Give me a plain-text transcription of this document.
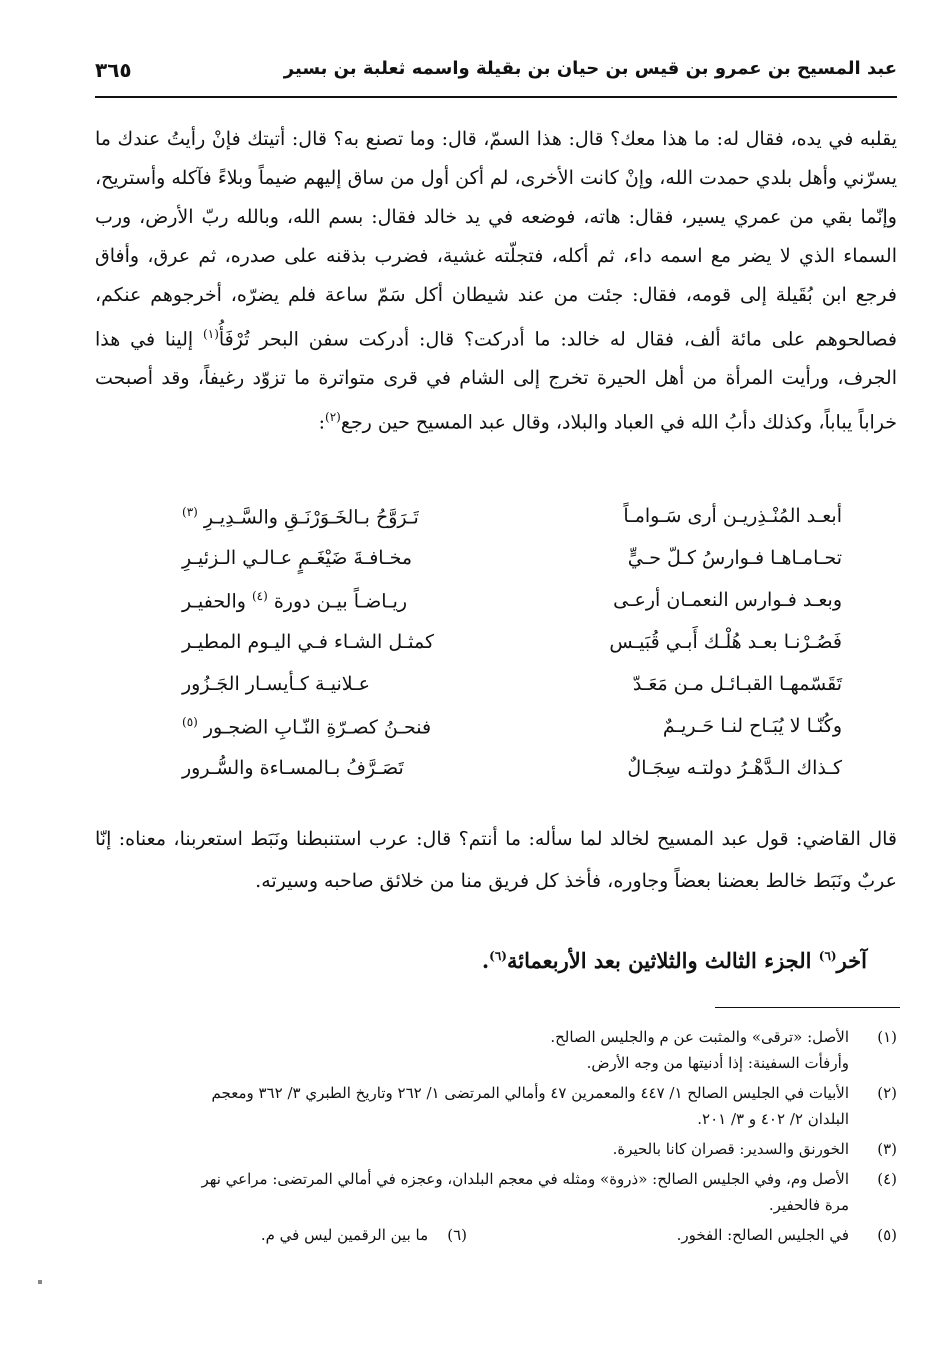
عبد المسيح بن عمرو بن قيس بن حيان بن بقيلة واسمه ثعلبة بن بسير
٣٦٥

يقلبه في يده، فقال له: ما هذا معك؟ قال: هذا السمّ، قال: وما تصنع به؟ قال: أتيتك فإنْ رأيتُ عندك ما يسرّني وأهل بلدي حمدت الله، وإنْ كانت الأخرى، لم أكن أول من ساق إليهم ضيماً وبلاءً فآكله وأستريح، وإنّما بقي من عمري يسير، فقال: هاته، فوضعه في يد خالد فقال: بسم الله، وبالله ربّ الأرض، ورب السماء الذي لا يضر مع اسمه داء، ثم أكله، فتجلّته غشية، فضرب بذقنه على صدره، ثم عرق، وأفاق فرجع ابن بُقَيلة إلى قومه، فقال: جئت من عند شيطان أكل سَمّ ساعة فلم يضرّه، أخرجوهم عنكم، فصالحوهم على مائة ألف، فقال له خالد: ما أدركت؟ قال: أدركت سفن البحر تُرْفَأُ$^{(١)}$ إلينا في هذا الجرف، ورأيت المرأة من أهل الحيرة تخرج إلى الشام في قرى متواترة ما تزوّد رغيفاً، وقد أصبحت خراباً يباباً، وكذلك دأبُ الله في العباد والبلاد، وقال عبد المسيح حين رجع$^{(٢)}$:

أبعـد المُنْـذِريـن أرى سَـوامـاً
تَـرَوَّحُ بـالخَـوَرْنَـقِ والسَّـدِيـرِ $^{(٣)}$
تحـامـاهـا فـوارسُ كـلّ حـيٍّ
مخـافـةَ ضَيْغَـمٍ عـالـي الـزئيـرِ
وبعـد فـوارس النعمـان أرعـى
ريـاضـاً بيـن دورة $^{(٤)}$ والحفيـر
فَصُـرْنـا بعـد هُلْـك أَبـي قُبَيـس
كمثـل الشـاء فـي اليـوم المطيـر
تَقَسّمهـا القبـائـل مـن مَعَـدّ
عـلانيـة كـأيسـار الجَـزُور
وكُنّـا لا يُبَـاح لنـا حَـريـمٌ
فنحـنُ كصـرّةِ النّـابِ الضجـور $^{(٥)}$
كـذاك الـدَّهْـرُ دولتـه سِجَـالٌ
تَصَـرَّفُ بـالمسـاءة والسُّـرور

قال القاضي: قول عبد المسيح لخالد لما سأله: ما أنتم؟ قال: عرب استنبطنا ونَبَط استعربنا، معناه: إنّا عربٌ ونَبَط خالط بعضنا بعضاً وجاوره، فأخذ كل فريق منا من خلائق صاحبه وسيرته.

آخر$^{(٦)}$ الجزء الثالث والثلاثين بعد الأربعمائة$^{(٦)}$.
(١)
الأصل: «ترقى» والمثبت عن م والجليس الصالح.
وأرفأت السفينة: إذا أدنيتها من وجه الأرض.
(٢)
الأبيات في الجليس الصالح ١/ ٤٤٧ والمعمرين ٤٧ وأمالي المرتضى ١/ ٢٦٢ وتاريخ الطبري ٣/ ٣٦٢ ومعجم
البلدان ٢/ ٤٠٢ و ٣/ ٢٠١.
(٣)
الخورنق والسدير: قصران كانا بالحيرة.
(٤)
الأصل وم، وفي الجليس الصالح: «ذروة» ومثله في معجم البلدان، وعجزه في أمالي المرتضى: مراعي نهر
مرة فالحفير.
(٥)
في الجليس الصالح: الفخور.
(٦)    ما بين الرقمين ليس في م.
